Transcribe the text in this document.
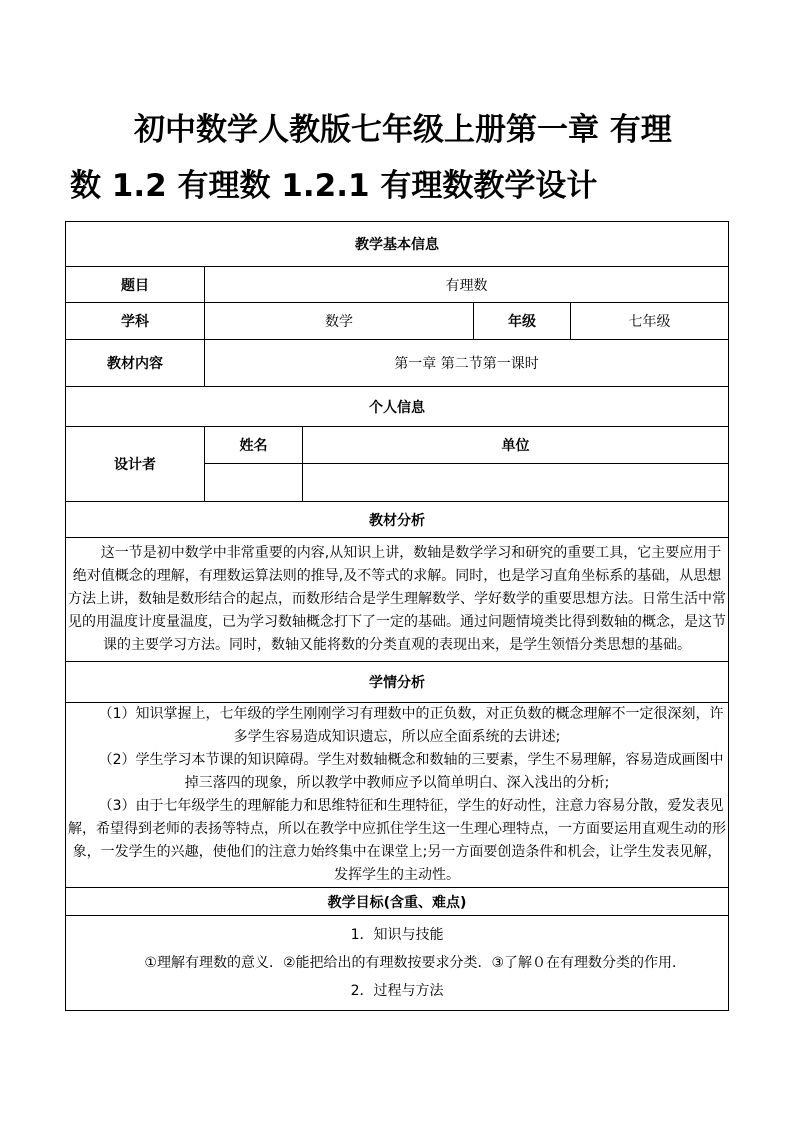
初中数学人教版七年级上册第一章 有理
数 1.2 有理数 1.2.1 有理数教学设计
教学基本信息				
题目	有理数			
学科	数学		年级	七年级
教材内容	第一章 第二节第一课时			
个人信息				
设计者	姓名	单位		

教材分析				

这一节是初中数学中非常重要的内容,从知识上讲，数轴是数学学习和研究的重要工具，它主要应用于绝对值概念的理解，有理数运算法则的推导,及不等式的求解。同时，也是学习直角坐标系的基础，从思想方法上讲，数轴是数形结合的起点，而数形结合是学生理解数学、学好数学的重要思想方法。日常生活中常见的用温度计度量温度，已为学习数轴概念打下了一定的基础。通过问题情境类比得到数轴的概念，是这节课的主要学习方法。同时，数轴又能将数的分类直观的表现出来，是学生领悟分类思想的基础。				

学情分析				

（1）知识掌握上，七年级的学生刚刚学习有理数中的正负数，对正负数的概念理解不一定很深刻，许多学生容易造成知识遗忘，所以应全面系统的去讲述;

（2）学生学习本节课的知识障碍。学生对数轴概念和数轴的三要素，学生不易理解，容易造成画图中掉三落四的现象，所以教学中教师应予以简单明白、深入浅出的分析;

（3）由于七年级学生的理解能力和思维特征和生理特征，学生的好动性，注意力容易分散，爱发表见解，希望得到老师的表扬等特点，所以在教学中应抓住学生这一生理心理特点，一方面要运用直观生动的形象，一发学生的兴趣，使他们的注意力始终集中在课堂上;另一方面要创造条件和机会，让学生发表见解，发挥学生的主动性。				

教学目标(含重、难点)				

1．知识与技能

①理解有理数的意义．②能把给出的有理数按要求分类．③了解０在有理数分类的作用．

2．过程与方法				
